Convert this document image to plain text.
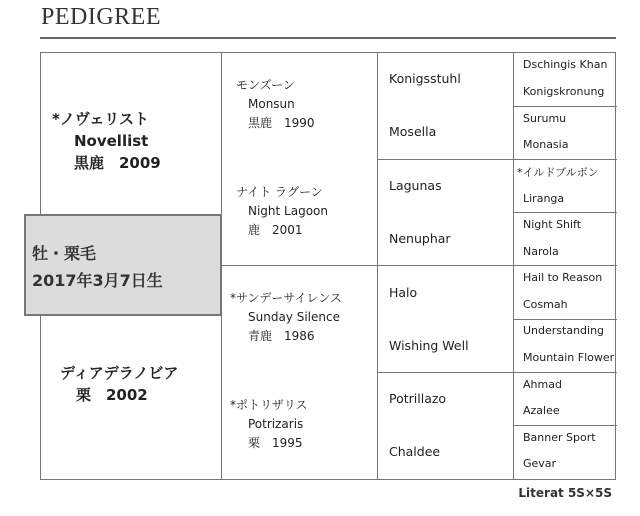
PEDIGREE
*ノヴェリスト
Novellist
黒鹿　2009
牡・栗毛
2017年3月7日生
ディアデラノビア
栗　2002
モンズーン
Monsun
黒鹿　1990
ナイト ラグーン
Night Lagoon
鹿　2001
*サンデーサイレンス
Sunday Silence
青鹿　1986
*ポトリザリス
Potrizaris
栗　1995
Konigsstuhl
Mosella
Lagunas
Nenuphar
Halo
Wishing Well
Potrillazo
Chaldee
Dschingis Khan
Konigskronung
Surumu
Monasia
*イルドブルボン
Liranga
Night Shift
Narola
Hail to Reason
Cosmah
Understanding
Mountain Flower
Ahmad
Azalee
Banner Sport
Gevar
Literat 5S×5S
